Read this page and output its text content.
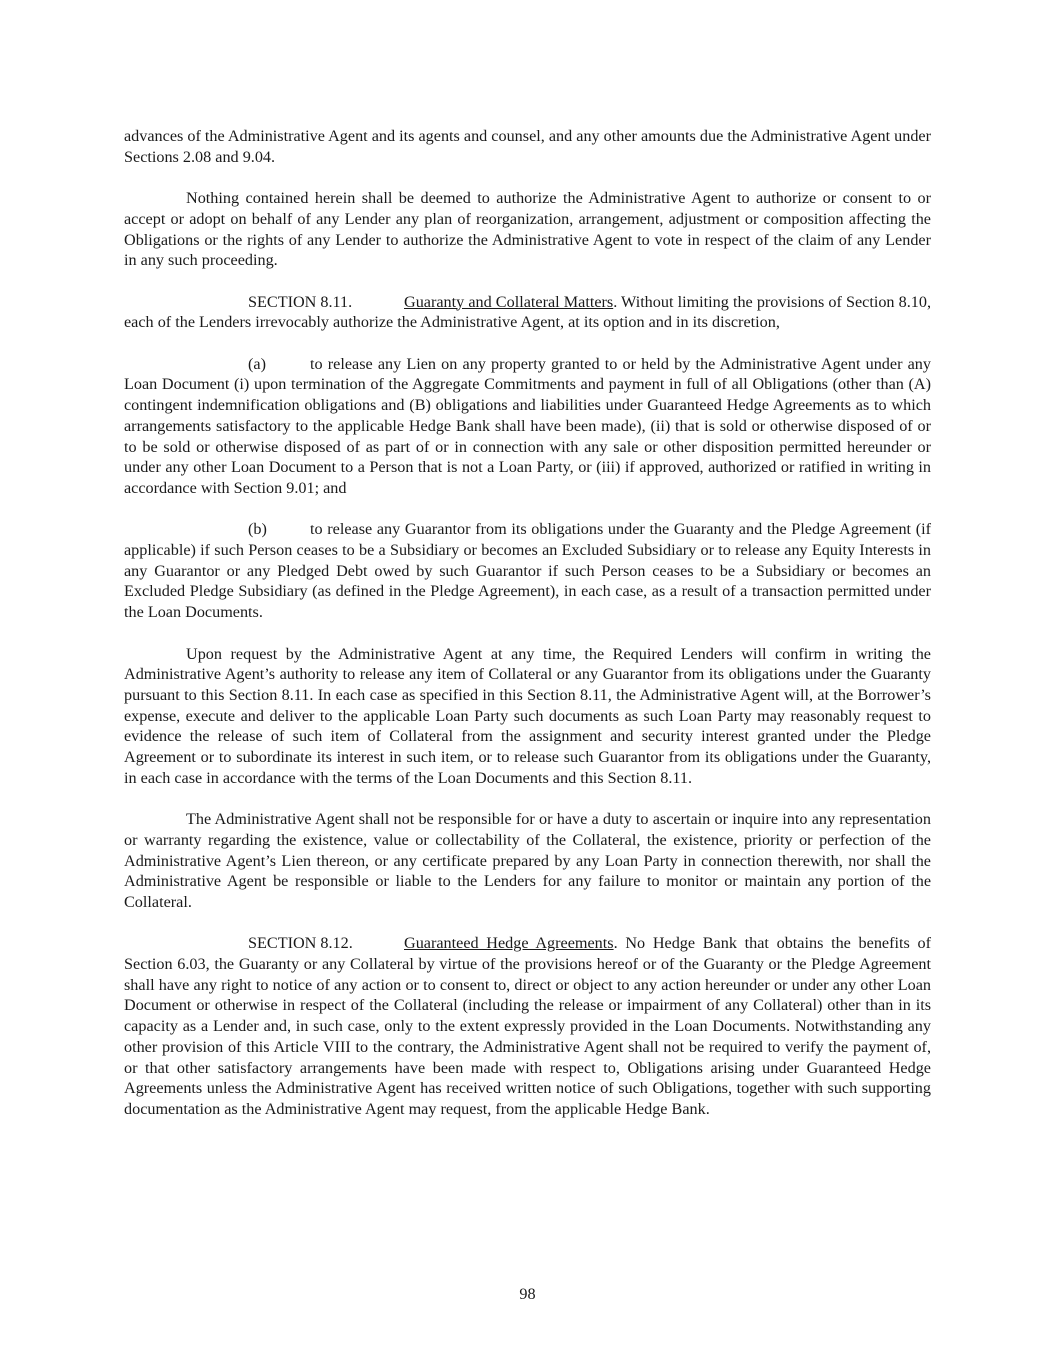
advances of the Administrative Agent and its agents and counsel, and any other amounts due the Administrative Agent under Sections 2.08 and 9.04.

Nothing contained herein shall be deemed to authorize the Administrative Agent to authorize or consent to or accept or adopt on behalf of any Lender any plan of reorganization, arrangement, adjustment or composition affecting the Obligations or the rights of any Lender to authorize the Administrative Agent to vote in respect of the claim of any Lender in any such proceeding.

SECTION 8.11.	Guaranty and Collateral Matters. Without limiting the provisions of Section 8.10, each of the Lenders irrevocably authorize the Administrative Agent, at its option and in its discretion,

(a)	to release any Lien on any property granted to or held by the Administrative Agent under any Loan Document (i) upon termination of the Aggregate Commitments and payment in full of all Obligations (other than (A) contingent indemnification obligations and (B) obligations and liabilities under Guaranteed Hedge Agreements as to which arrangements satisfactory to the applicable Hedge Bank shall have been made), (ii) that is sold or otherwise disposed of or to be sold or otherwise disposed of as part of or in connection with any sale or other disposition permitted hereunder or under any other Loan Document to a Person that is not a Loan Party, or (iii) if approved, authorized or ratified in writing in accordance with Section 9.01; and

(b)	to release any Guarantor from its obligations under the Guaranty and the Pledge Agreement (if applicable) if such Person ceases to be a Subsidiary or becomes an Excluded Subsidiary or to release any Equity Interests in any Guarantor or any Pledged Debt owed by such Guarantor if such Person ceases to be a Subsidiary or becomes an Excluded Pledge Subsidiary (as defined in the Pledge Agreement), in each case, as a result of a transaction permitted under the Loan Documents.

Upon request by the Administrative Agent at any time, the Required Lenders will confirm in writing the Administrative Agent’s authority to release any item of Collateral or any Guarantor from its obligations under the Guaranty pursuant to this Section 8.11. In each case as specified in this Section 8.11, the Administrative Agent will, at the Borrower’s expense, execute and deliver to the applicable Loan Party such documents as such Loan Party may reasonably request to evidence the release of such item of Collateral from the assignment and security interest granted under the Pledge Agreement or to subordinate its interest in such item, or to release such Guarantor from its obligations under the Guaranty, in each case in accordance with the terms of the Loan Documents and this Section 8.11.

The Administrative Agent shall not be responsible for or have a duty to ascertain or inquire into any representation or warranty regarding the existence, value or collectability of the Collateral, the existence, priority or perfection of the Administrative Agent’s Lien thereon, or any certificate prepared by any Loan Party in connection therewith, nor shall the Administrative Agent be responsible or liable to the Lenders for any failure to monitor or maintain any portion of the Collateral.

SECTION 8.12.	Guaranteed Hedge Agreements. No Hedge Bank that obtains the benefits of Section 6.03, the Guaranty or any Collateral by virtue of the provisions hereof or of the Guaranty or the Pledge Agreement shall have any right to notice of any action or to consent to, direct or object to any action hereunder or under any other Loan Document or otherwise in respect of the Collateral (including the release or impairment of any Collateral) other than in its capacity as a Lender and, in such case, only to the extent expressly provided in the Loan Documents. Notwithstanding any other provision of this Article VIII to the contrary, the Administrative Agent shall not be required to verify the payment of, or that other satisfactory arrangements have been made with respect to, Obligations arising under Guaranteed Hedge Agreements unless the Administrative Agent has received written notice of such Obligations, together with such supporting documentation as the Administrative Agent may request, from the applicable Hedge Bank.

98
